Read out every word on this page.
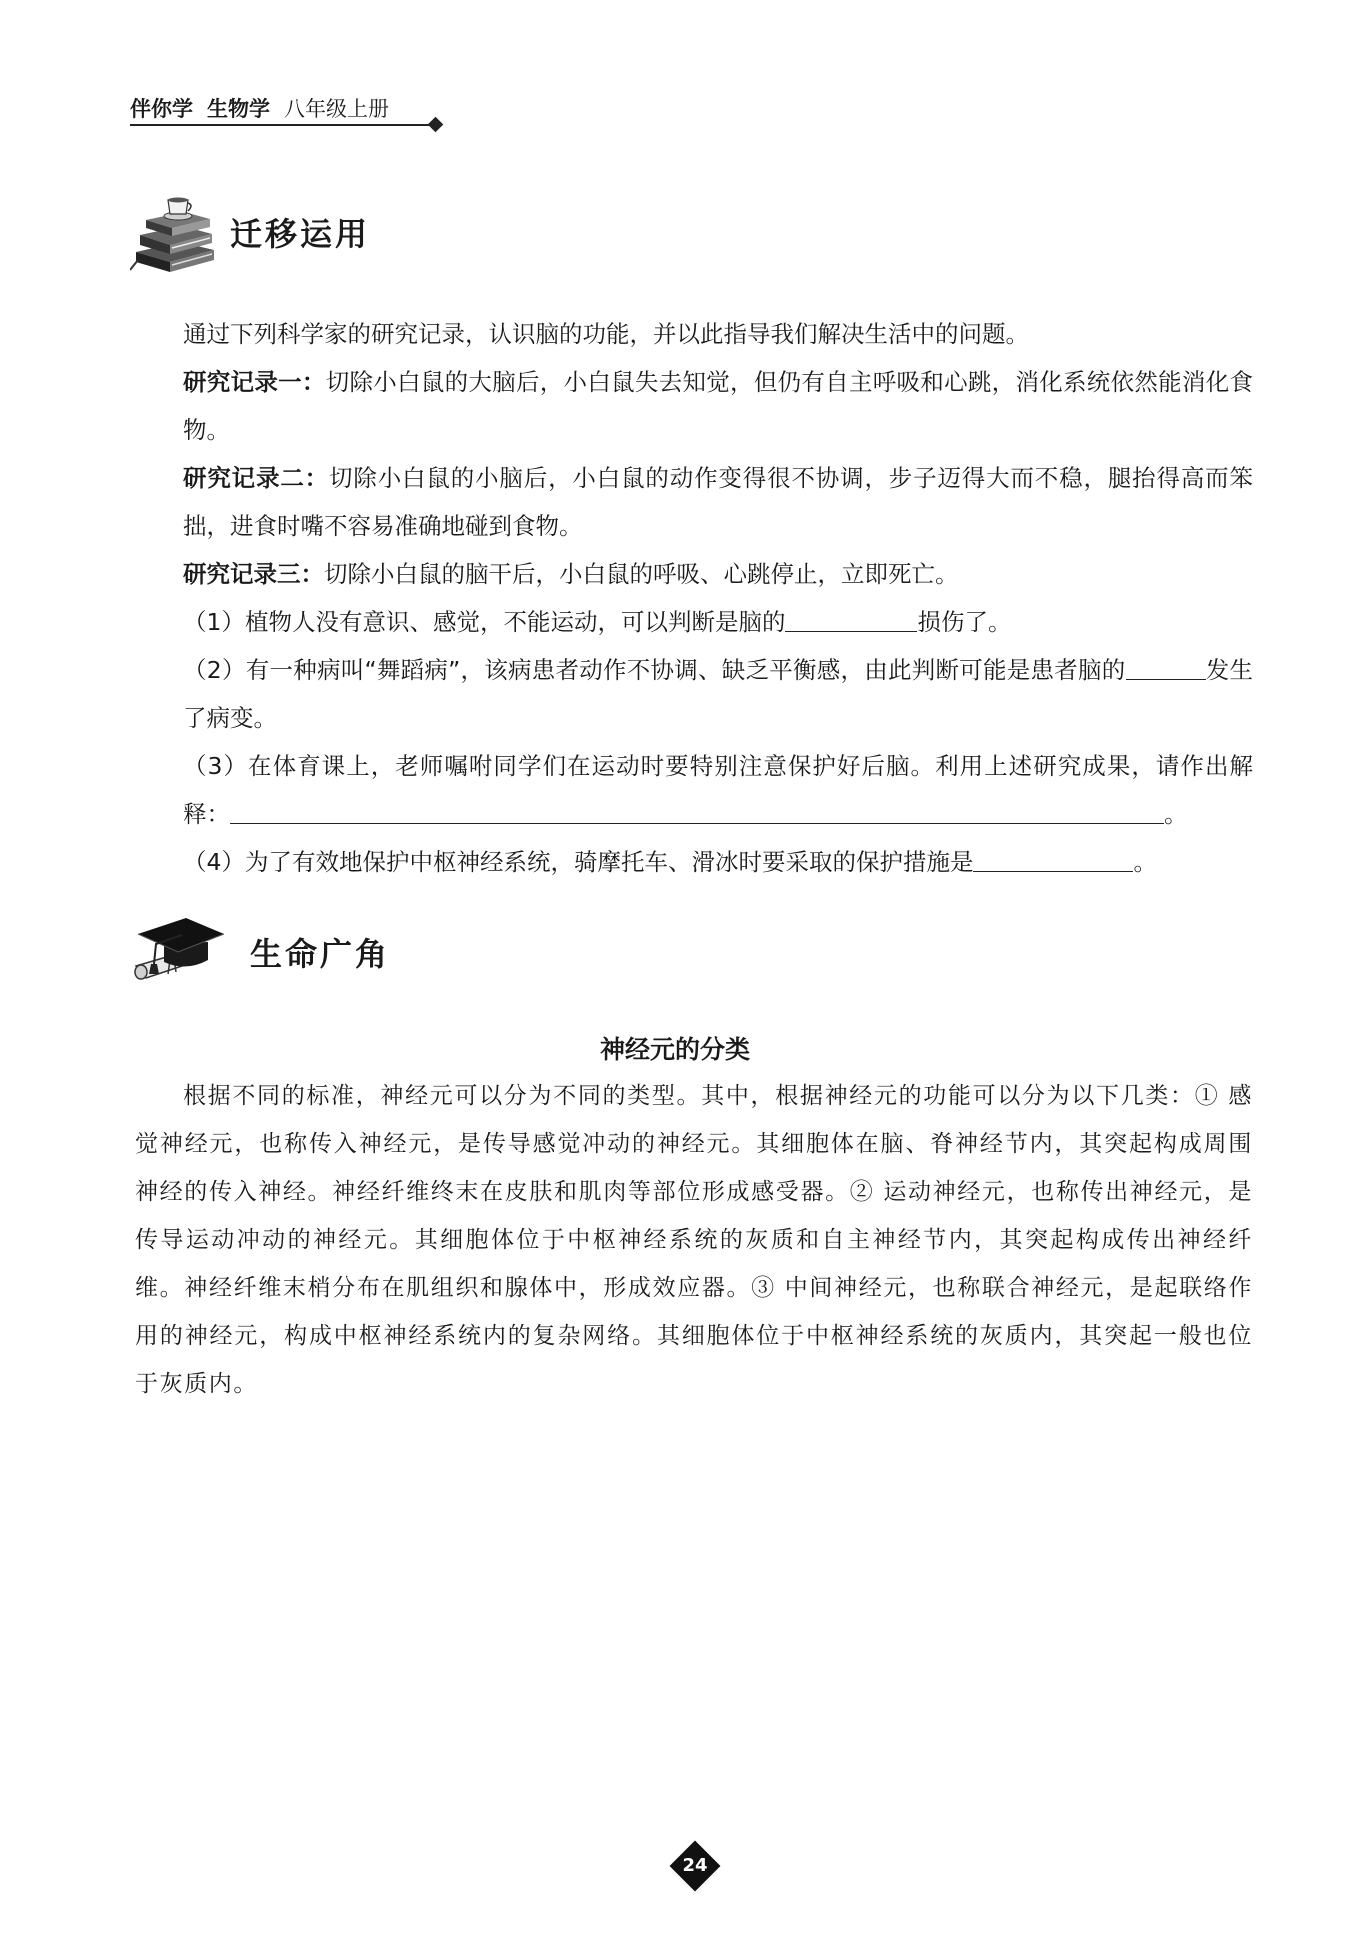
伴你学 生物学 八年级上册
迁移运用

通过下列科学家的研究记录，认识脑的功能，并以此指导我们解决生活中的问题。

研究记录一：切除小白鼠的大脑后，小白鼠失去知觉，但仍有自主呼吸和心跳，消化系统依然能消化食物。

研究记录二：切除小白鼠的小脑后，小白鼠的动作变得很不协调，步子迈得大而不稳，腿抬得高而笨拙，进食时嘴不容易准确地碰到食物。

研究记录三：切除小白鼠的脑干后，小白鼠的呼吸、心跳停止，立即死亡。

（1）植物人没有意识、感觉，不能运动，可以判断是脑的	损伤了。

（2）有一种病叫“舞蹈病”，该病患者动作不协调、缺乏平衡感，由此判断可能是患者脑的	发生了病变。

（3）在体育课上，老师嘱咐同学们在运动时要特别注意保护好后脑。利用上述研究成果，请作出解释：	。

（4）为了有效地保护中枢神经系统，骑摩托车、滑冰时要采取的保护措施是	。

生命广角
神经元的分类

根据不同的标准，神经元可以分为不同的类型。其中，根据神经元的功能可以分为以下几类：① 感觉神经元，也称传入神经元，是传导感觉冲动的神经元。其细胞体在脑、脊神经节内，其突起构成周围神经的传入神经。神经纤维终末在皮肤和肌肉等部位形成感受器。② 运动神经元，也称传出神经元，是传导运动冲动的神经元。其细胞体位于中枢神经系统的灰质和自主神经节内，其突起构成传出神经纤维。神经纤维末梢分布在肌组织和腺体中，形成效应器。③ 中间神经元，也称联合神经元，是起联络作用的神经元，构成中枢神经系统内的复杂网络。其细胞体位于中枢神经系统的灰质内，其突起一般也位于灰质内。

24
